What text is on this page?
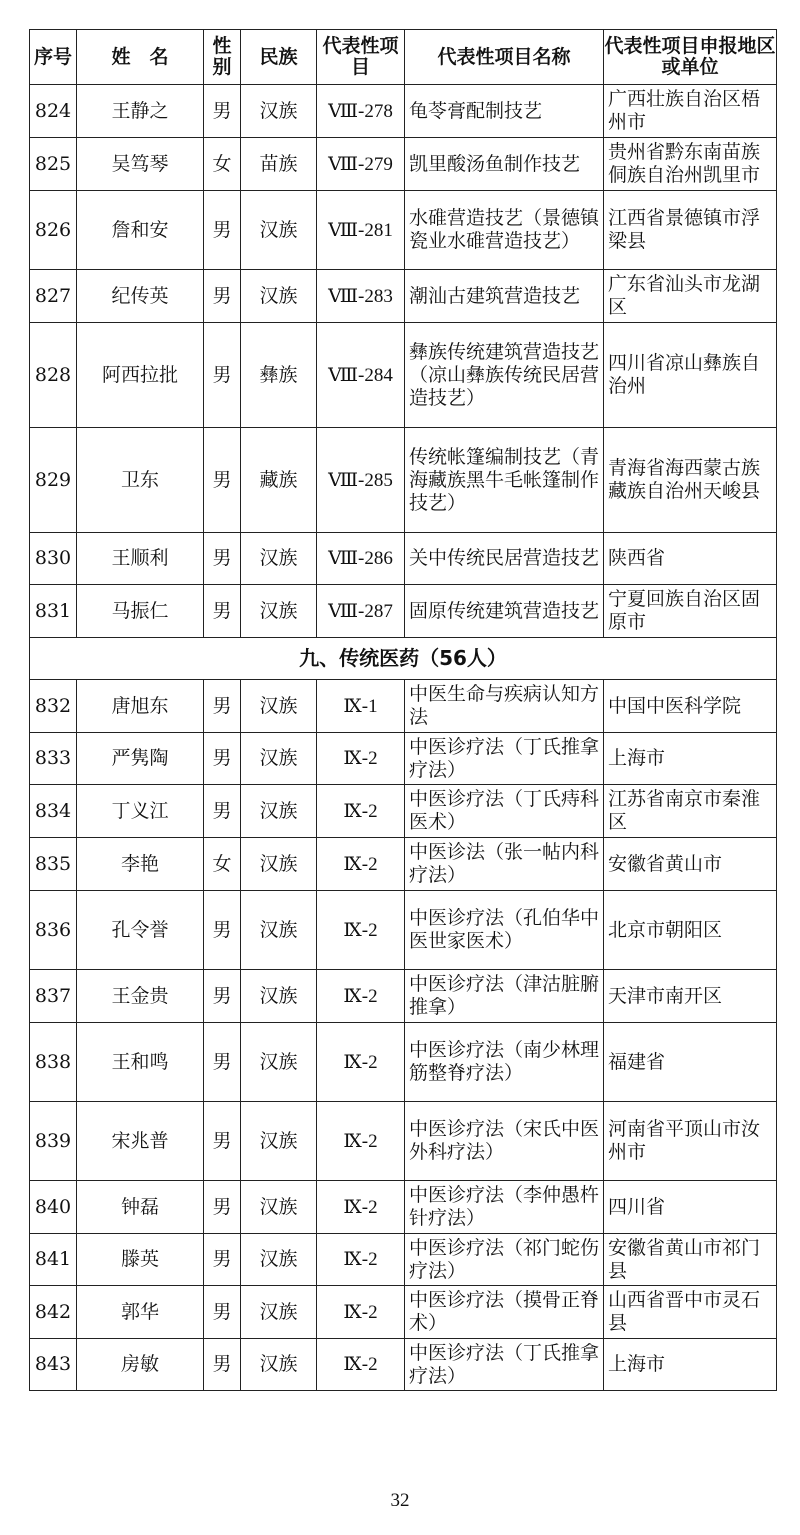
序号	姓　名	性别	民族	代表性项目	代表性项目名称	代表性项目申报地区或单位
824	王静之	男	汉族	Ⅷ-278	龟苓膏配制技艺	广西壮族自治区梧州市
825	吴笃琴	女	苗族	Ⅷ-279	凯里酸汤鱼制作技艺	贵州省黔东南苗族侗族自治州凯里市
826	詹和安	男	汉族	Ⅷ-281	水碓营造技艺（景德镇瓷业水碓营造技艺）	江西省景德镇市浮梁县
827	纪传英	男	汉族	Ⅷ-283	潮汕古建筑营造技艺	广东省汕头市龙湖区
828	阿西拉批	男	彝族	Ⅷ-284	彝族传统建筑营造技艺（凉山彝族传统民居营造技艺）	四川省凉山彝族自治州
829	卫东	男	藏族	Ⅷ-285	传统帐篷编制技艺（青海藏族黑牛毛帐篷制作技艺）	青海省海西蒙古族藏族自治州天峻县
830	王顺利	男	汉族	Ⅷ-286	关中传统民居营造技艺	陕西省
831	马振仁	男	汉族	Ⅷ-287	固原传统建筑营造技艺	宁夏回族自治区固原市
九、传统医药（56人）						
832	唐旭东	男	汉族	Ⅸ-1	中医生命与疾病认知方法	中国中医科学院
833	严隽陶	男	汉族	Ⅸ-2	中医诊疗法（丁氏推拿疗法）	上海市
834	丁义江	男	汉族	Ⅸ-2	中医诊疗法（丁氏痔科医术）	江苏省南京市秦淮区
835	李艳	女	汉族	Ⅸ-2	中医诊法（张一帖内科疗法）	安徽省黄山市
836	孔令誉	男	汉族	Ⅸ-2	中医诊疗法（孔伯华中医世家医术）	北京市朝阳区
837	王金贵	男	汉族	Ⅸ-2	中医诊疗法（津沽脏腑推拿）	天津市南开区
838	王和鸣	男	汉族	Ⅸ-2	中医诊疗法（南少林理筋整脊疗法）	福建省
839	宋兆普	男	汉族	Ⅸ-2	中医诊疗法（宋氏中医外科疗法）	河南省平顶山市汝州市
840	钟磊	男	汉族	Ⅸ-2	中医诊疗法（李仲愚杵针疗法）	四川省
841	滕英	男	汉族	Ⅸ-2	中医诊疗法（祁门蛇伤疗法）	安徽省黄山市祁门县
842	郭华	男	汉族	Ⅸ-2	中医诊疗法（摸骨正脊术）	山西省晋中市灵石县
843	房敏	男	汉族	Ⅸ-2	中医诊疗法（丁氏推拿疗法）	上海市
32
